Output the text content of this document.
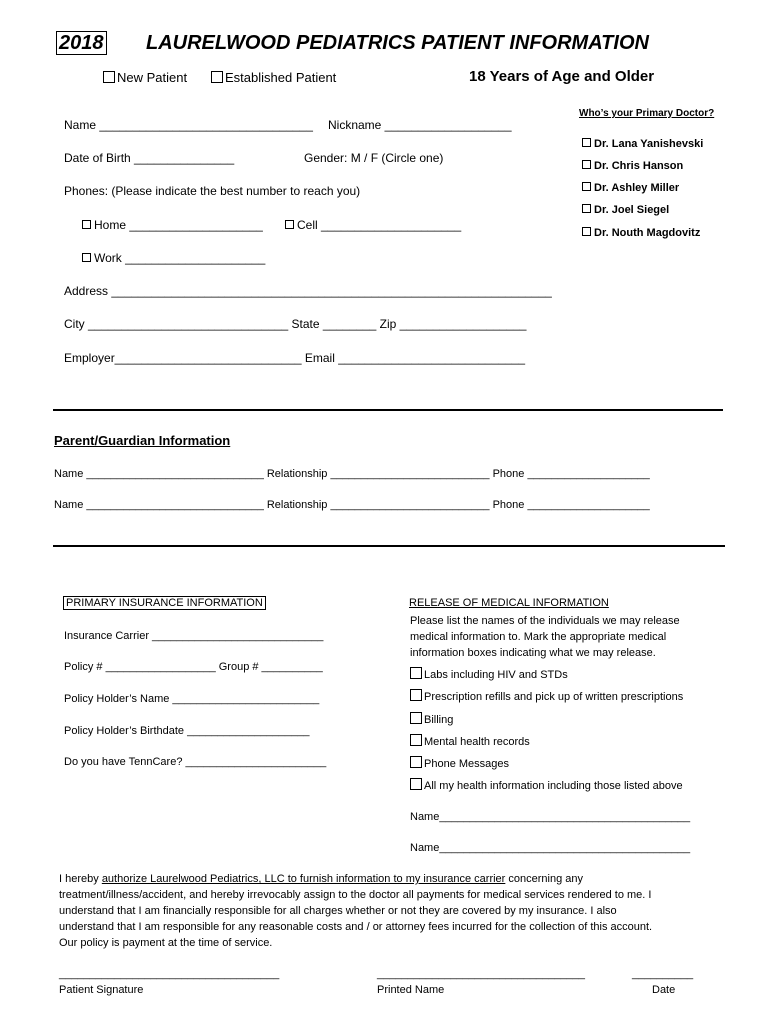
2018 LAURELWOOD PEDIATRICS PATIENT INFORMATION
New Patient	Established Patient	18 Years of Age and Older
Who’s your Primary Doctor?
Dr. Lana Yanishevski
Dr. Chris Hanson
Dr. Ashley Miller
Dr. Joel Siegel
Dr. Nouth Magdovitz
Name ________________________________ Nickname ___________________
Date of Birth _______________	Gender: M / F (Circle one)
Phones: (Please indicate the best number to reach you)
Home ____________________	Cell _____________________
Work _____________________
Address __________________________________________________________________
City ______________________________ State ________ Zip ___________________
Employer____________________________ Email ____________________________
Parent/Guardian Information
Name _____________________________ Relationship __________________________ Phone ____________________
Name _____________________________ Relationship __________________________ Phone ____________________
PRIMARY INSURANCE INFORMATION
Insurance Carrier ____________________________
Policy # __________________ Group # __________
Policy Holder’s Name ________________________
Policy Holder’s Birthdate ____________________
Do you have TennCare? _______________________
RELEASE OF MEDICAL INFORMATION
Please list the names of the individuals we may release
medical information to. Mark the appropriate medical
information boxes indicating what we may release.
Labs including HIV and STDs
Prescription refills and pick up of written prescriptions
Billing
Mental health records
Phone Messages
All my health information including those listed above
Name_________________________________________
Name_________________________________________
I hereby authorize Laurelwood Pediatrics, LLC to furnish information to my insurance carrier concerning any
treatment/illness/accident, and hereby irrevocably assign to the doctor all payments for medical services rendered to me. I
understand that I am financially responsible for all charges whether or not they are covered by my insurance. I also
understand that I am responsible for any reasonable costs and / or attorney fees incurred for the collection of this account.
Our policy is payment at the time of service.
____________________________________	__________________________________	__________
Patient Signature	Printed Name	Date
